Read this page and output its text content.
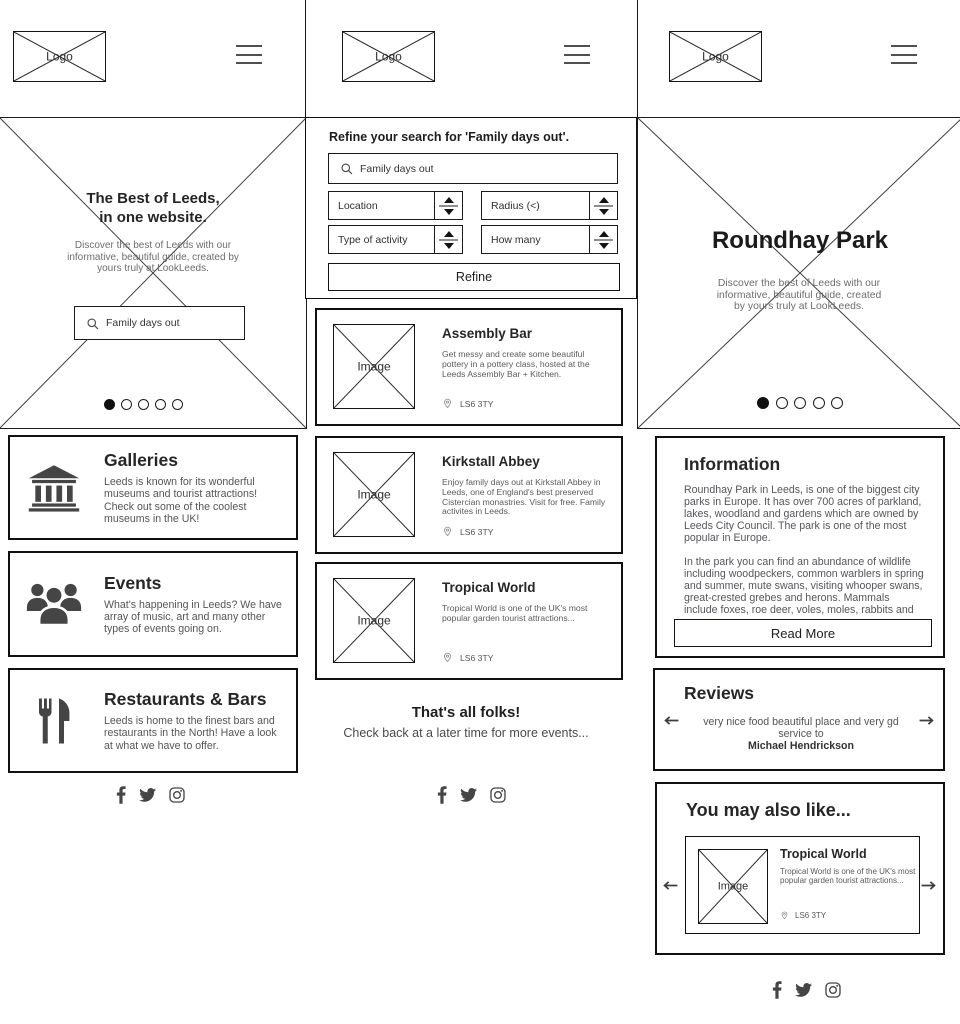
Logo
The Best of Leeds,
in one website.
Discover the best of Leeds with our informative, beautiful guide, created by yours truly at LookLeeds.
Family days out
Galleries
Leeds is known for its wonderful museums and tourist attractions! Check out some of the coolest museums in the UK!
Events
What's happening in Leeds? We have array of music, art and many other types of events going on.
Restaurants & Bars
Leeds is home to the finest bars and restaurants in the North! Have a look at what we have to offer.
Logo
Refine your search for 'Family days out'.
Family days out
Location	Radius (<)
Type of activity	How many
Refine
Image
Assembly Bar
Get messy and create some beautiful pottery in a pottery class, hosted at the Leeds Assembly Bar + Kitchen.
LS6 3TY
Image
Kirkstall Abbey
Enjoy family days out at Kirkstall Abbey in Leeds, one of England's best preserved Cistercian monastries. Visit for free. Family activites in Leeds.
LS6 3TY
Image
Tropical World
Tropical World is one of the UK's most popular garden tourist attractions...
LS6 3TY
That's all folks!
Check back at a later time for more events...
Logo
Roundhay Park
Discover the best of Leeds with our informative, beautiful guide, created by yours truly at LookLeeds.
Information
Roundhay Park in Leeds, is one of the biggest city parks in Europe. It has over 700 acres of parkland, lakes, woodland and gardens which are owned by Leeds City Council. The park is one of the most popular in Europe.
In the park you can find an abundance of wildlife including woodpeckers, common warblers in spring and summer, mute swans, visiting whooper swans, great-crested grebes and herons. Mammals include foxes, roe deer, voles, moles, rabbits and
Read More
Reviews
very nice food beautiful place and very gd service to
Michael Hendrickson
You may also like...
Image
Tropical World
Tropical World is one of the UK's most popular garden tourist attractions...
LS6 3TY
